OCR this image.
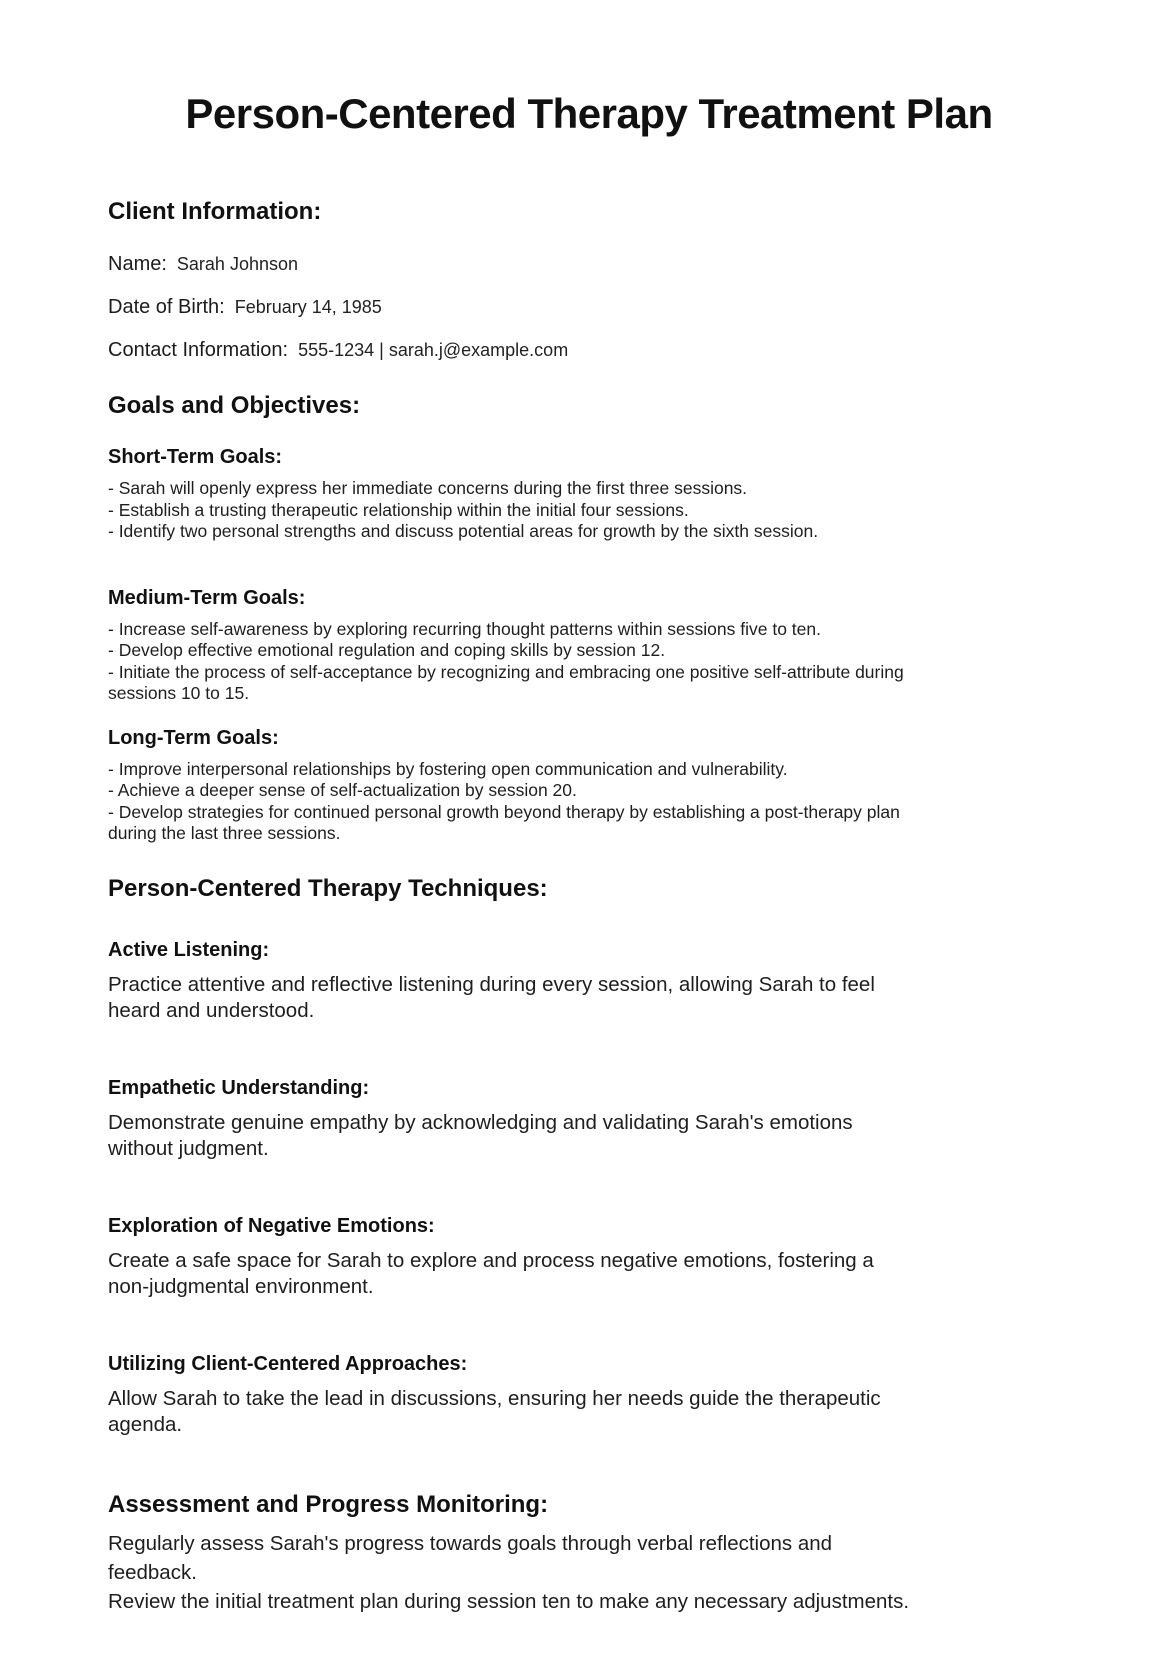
Person-Centered Therapy Treatment Plan
Client Information:
Name: Sarah Johnson
Date of Birth: February 14, 1985
Contact Information: 555-1234 | sarah.j@example.com
Goals and Objectives:
Short-Term Goals:
- Sarah will openly express her immediate concerns during the first three sessions.
- Establish a trusting therapeutic relationship within the initial four sessions.
- Identify two personal strengths and discuss potential areas for growth by the sixth session.
Medium-Term Goals:
- Increase self-awareness by exploring recurring thought patterns within sessions five to ten.
- Develop effective emotional regulation and coping skills by session 12.
- Initiate the process of self-acceptance by recognizing and embracing one positive self-attribute during
sessions 10 to 15.
Long-Term Goals:
- Improve interpersonal relationships by fostering open communication and vulnerability.
- Achieve a deeper sense of self-actualization by session 20.
- Develop strategies for continued personal growth beyond therapy by establishing a post-therapy plan
during the last three sessions.
Person-Centered Therapy Techniques:
Active Listening:
Practice attentive and reflective listening during every session, allowing Sarah to feel
heard and understood.
Empathetic Understanding:
Demonstrate genuine empathy by acknowledging and validating Sarah's emotions
without judgment.
Exploration of Negative Emotions:
Create a safe space for Sarah to explore and process negative emotions, fostering a
non-judgmental environment.
Utilizing Client-Centered Approaches:
Allow Sarah to take the lead in discussions, ensuring her needs guide the therapeutic
agenda.
Assessment and Progress Monitoring:
Regularly assess Sarah's progress towards goals through verbal reflections and
feedback.
Review the initial treatment plan during session ten to make any necessary adjustments.
